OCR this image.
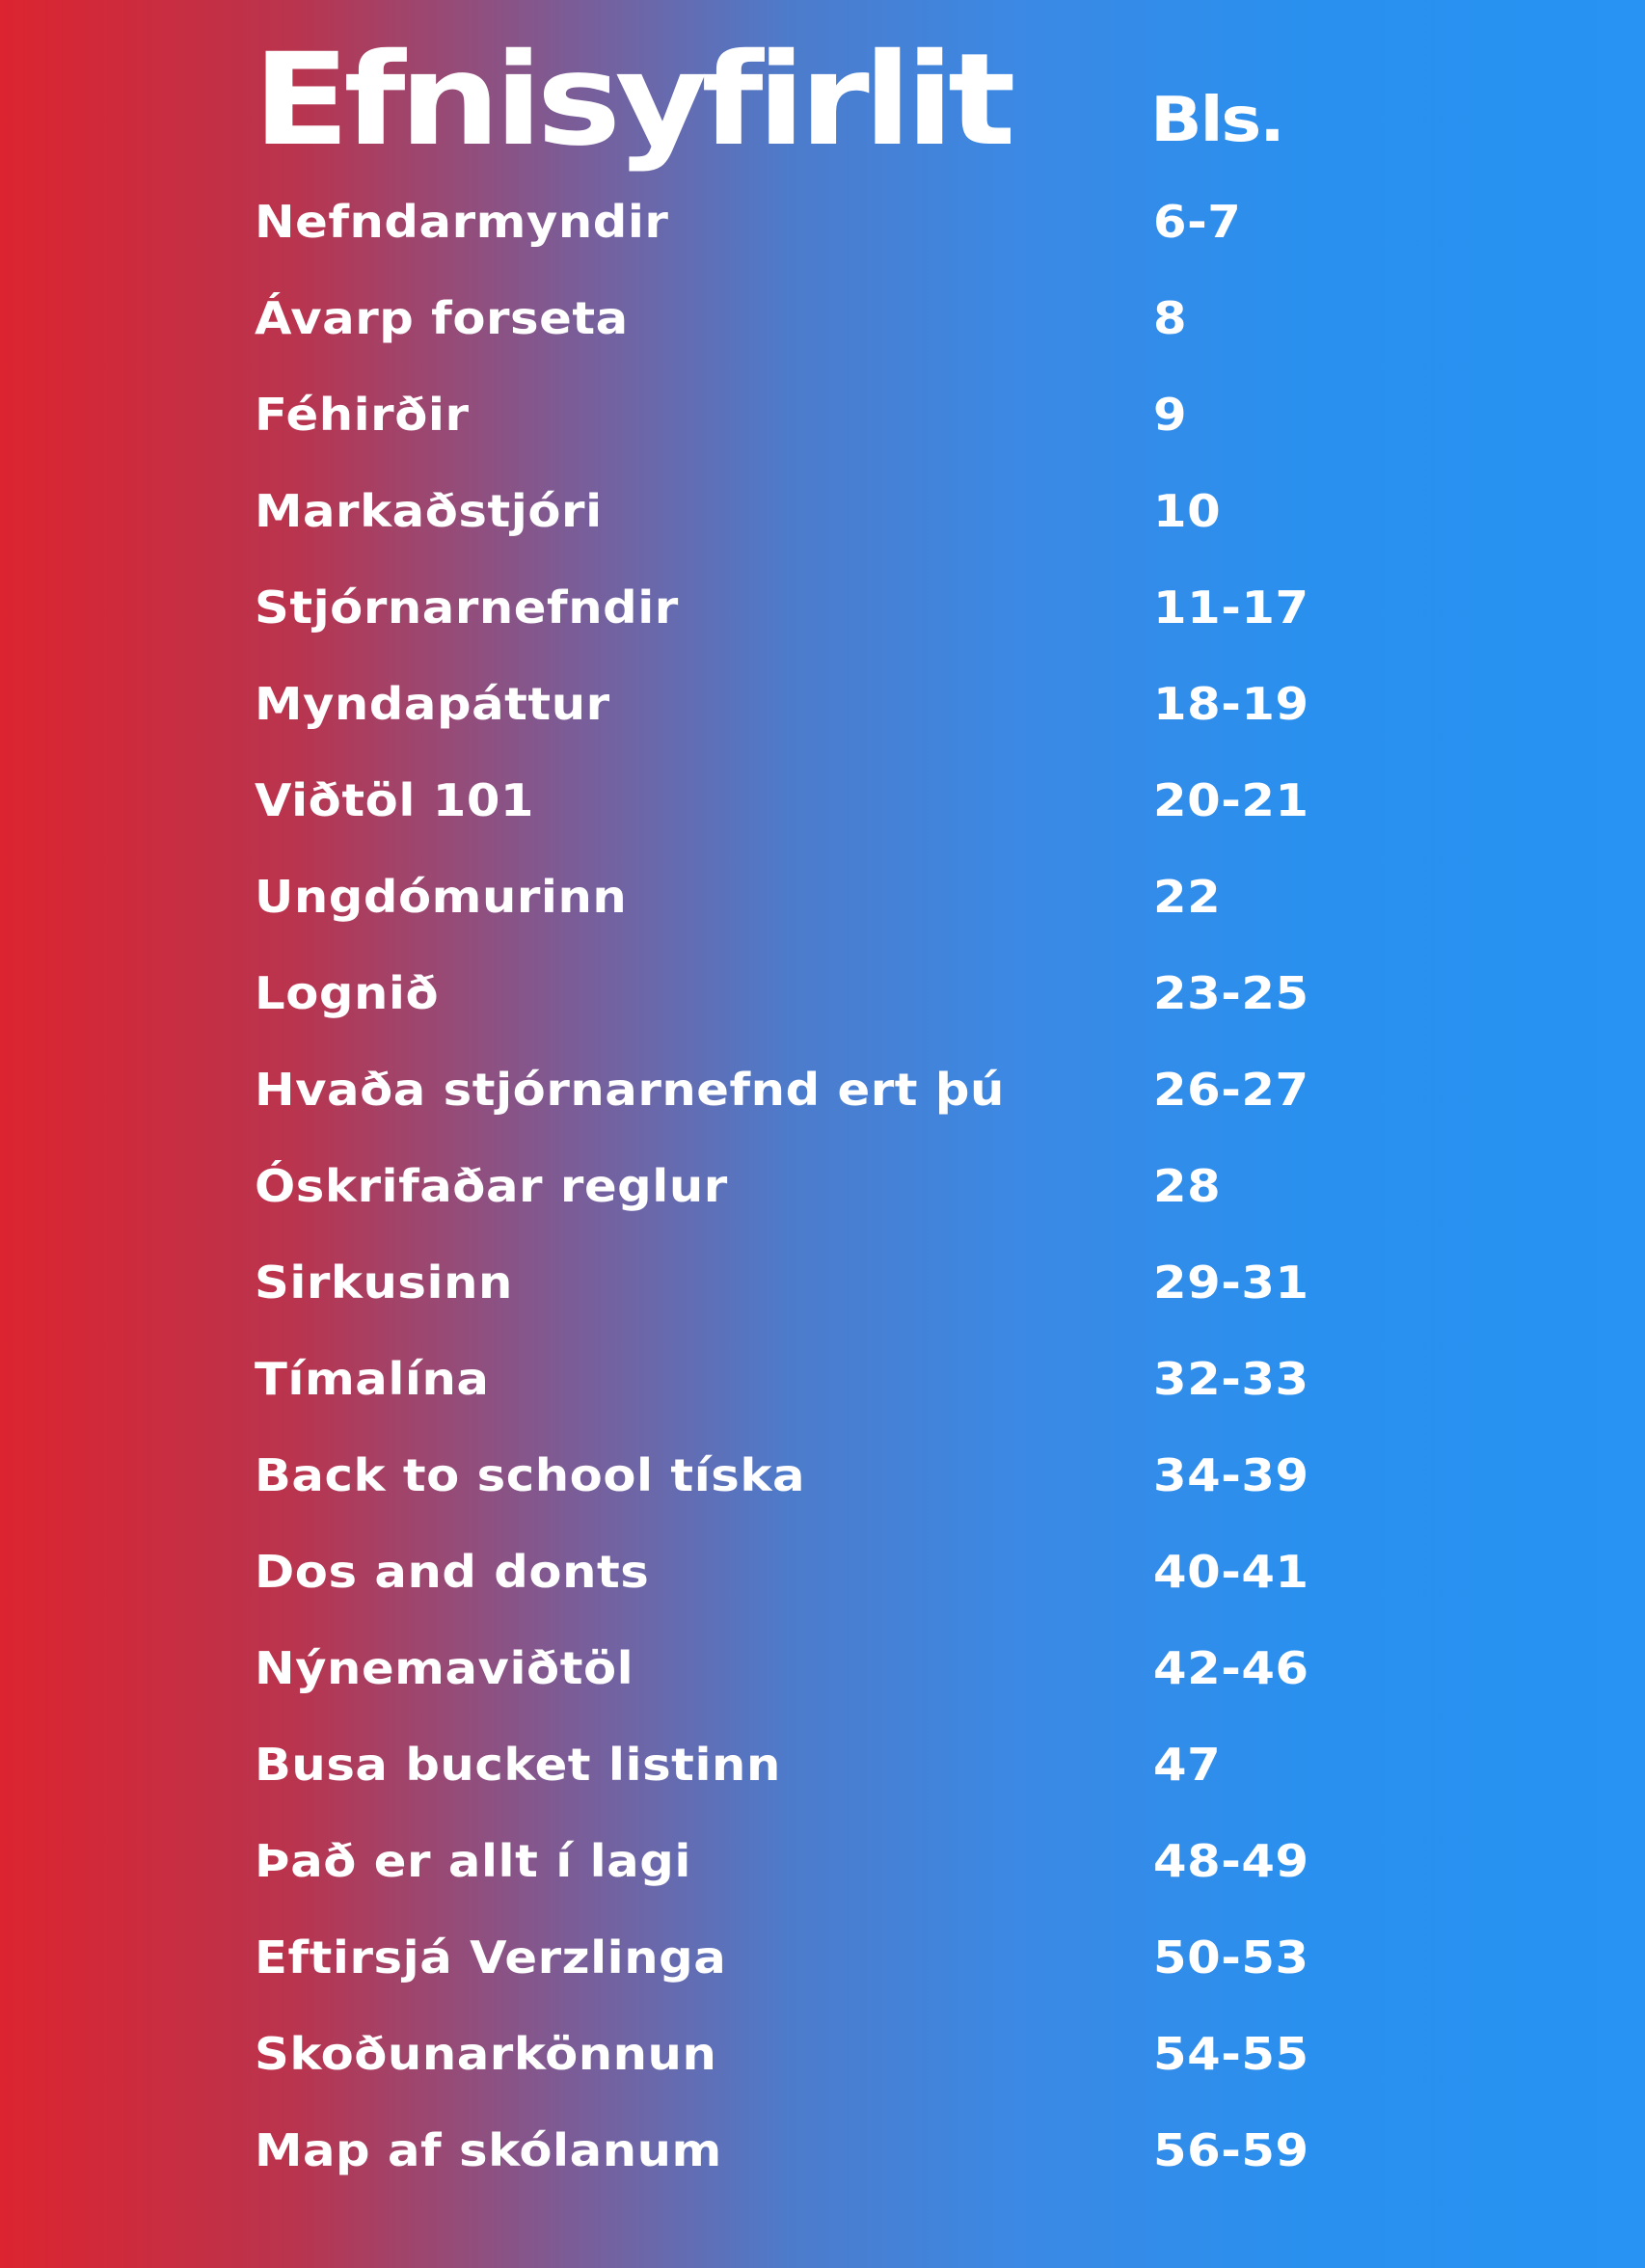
Efnisyfirlit Bls.
Nefndarmyndir	6-7
Ávarp forseta	8
Féhirðir	9
Markaðstjóri	10
Stjórnarnefndir	11-17
Myndapáttur	18-19
Viðtöl 101	20-21
Ungdómurinn	22
Lognið	23-25
Hvaða stjórnarnefnd ert þú	26-27
Óskrifaðar reglur	28
Sirkusinn	29-31
Tímalína	32-33
Back to school tíska	34-39
Dos and donts	40-41
Nýnemaviðtöl	42-46
Busa bucket listinn	47
Það er allt í lagi	48-49
Eftirsjá Verzlinga	50-53
Skoðunarkönnun	54-55
Map af skólanum	56-59
